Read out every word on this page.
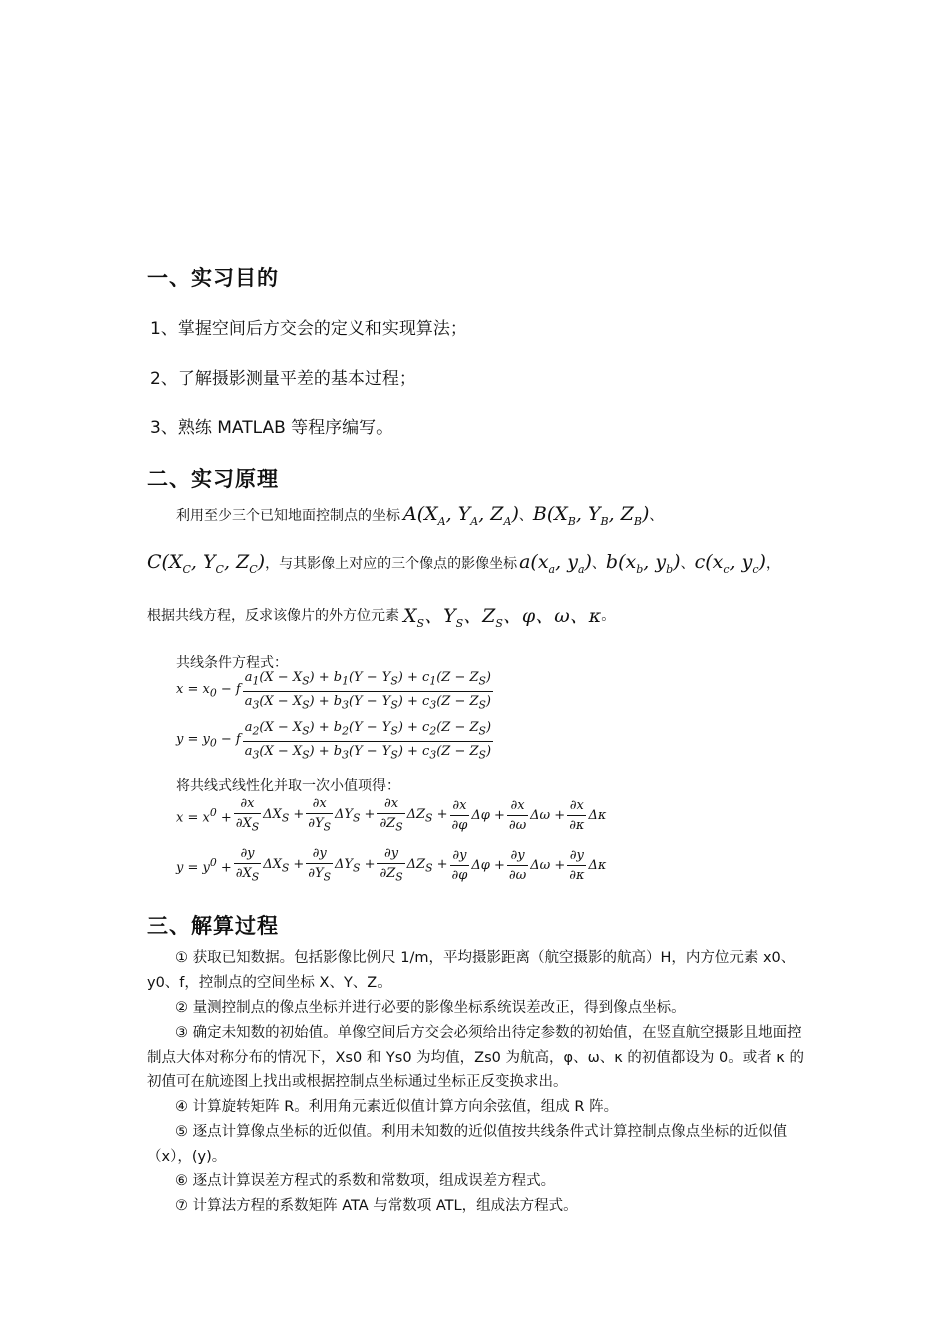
一、实习目的
1、掌握空间后方交会的定义和实现算法；
2、了解摄影测量平差的基本过程；
3、熟练 MATLAB 等程序编写。
二、实习原理
利用至少三个已知地面控制点的坐标 $A(X_A$, $Y_A$, $Z_A$) 、 $B(X_B$, $Y_B$, $Z_B$) 、
$C(X_C$, $Y_C$, $Z_C$) ，与其影像上对应的三个像点的影像坐标 $a(x_a$, $y_a$) 、 $b(x_b$, $y_b$) 、 $c(x_c$, $y_c$) ，
根据共线方程，反求该像片的外方位元素 $X_S$、$Y_S$、$Z_S$、φ、ω、κ 。
共线条件方程式：
$x = x_0 - f \frac{a_1(X - X_S) + b_1(Y - Y_S) + c_1(Z - Z_S)}{a_3(X - X_S) + b_3(Y - Y_S) + c_3(Z - Z_S)}$
$y = y_0 - f \frac{a_2(X - X_S) + b_2(Y - Y_S) + c_2(Z - Z_S)}{a_3(X - X_S) + b_3(Y - Y_S) + c_3(Z - Z_S)}$
将共线式线性化并取一次小值项得：
$x = x^0 + \frac{\partial x}{\partial X_S} \Delta X_S + \frac{\partial x}{\partial Y_S} \Delta Y_S + \frac{\partial x}{\partial Z_S} \Delta Z_S + \frac{\partial x}{\partial\varphi}$ $\Delta\varphi + \frac{\partial x}{\partial\omega}$ $\Delta\omega + \frac{\partial x}{\partial\kappa}$ Δκ
$y = y^0 + \frac{\partial y}{\partial X_S} \Delta X_S + \frac{\partial y}{\partial Y_S} \Delta Y_S + \frac{\partial y}{\partial Z_S} \Delta Z_S + \frac{\partial y}{\partial\varphi}$ $\Delta\varphi + \frac{\partial y}{\partial\omega}$ $\Delta\omega + \frac{\partial y}{\partial\kappa}$ Δκ
三、解算过程
① 获取已知数据。包括影像比例尺 1/m，平均摄影距离（航空摄影的航高）H，内方位元素 x0、y0、f，控制点的空间坐标 X、Y、Z。
② 量测控制点的像点坐标并进行必要的影像坐标系统误差改正，得到像点坐标。
③ 确定未知数的初始值。单像空间后方交会必须给出待定参数的初始值，在竖直航空摄影且地面控制点大体对称分布的情况下，Xs0 和 Ys0 为均值，Zs0 为航高，φ、ω、κ 的初值都设为 0。或者 κ 的初值可在航迹图上找出或根据控制点坐标通过坐标正反变换求出。
④ 计算旋转矩阵 R。利用角元素近似值计算方向余弦值，组成 R 阵。
⑤ 逐点计算像点坐标的近似值。利用未知数的近似值按共线条件式计算控制点像点坐标的近似值（x），(y)。
⑥ 逐点计算误差方程式的系数和常数项，组成误差方程式。
⑦ 计算法方程的系数矩阵 ATA 与常数项 ATL，组成法方程式。
